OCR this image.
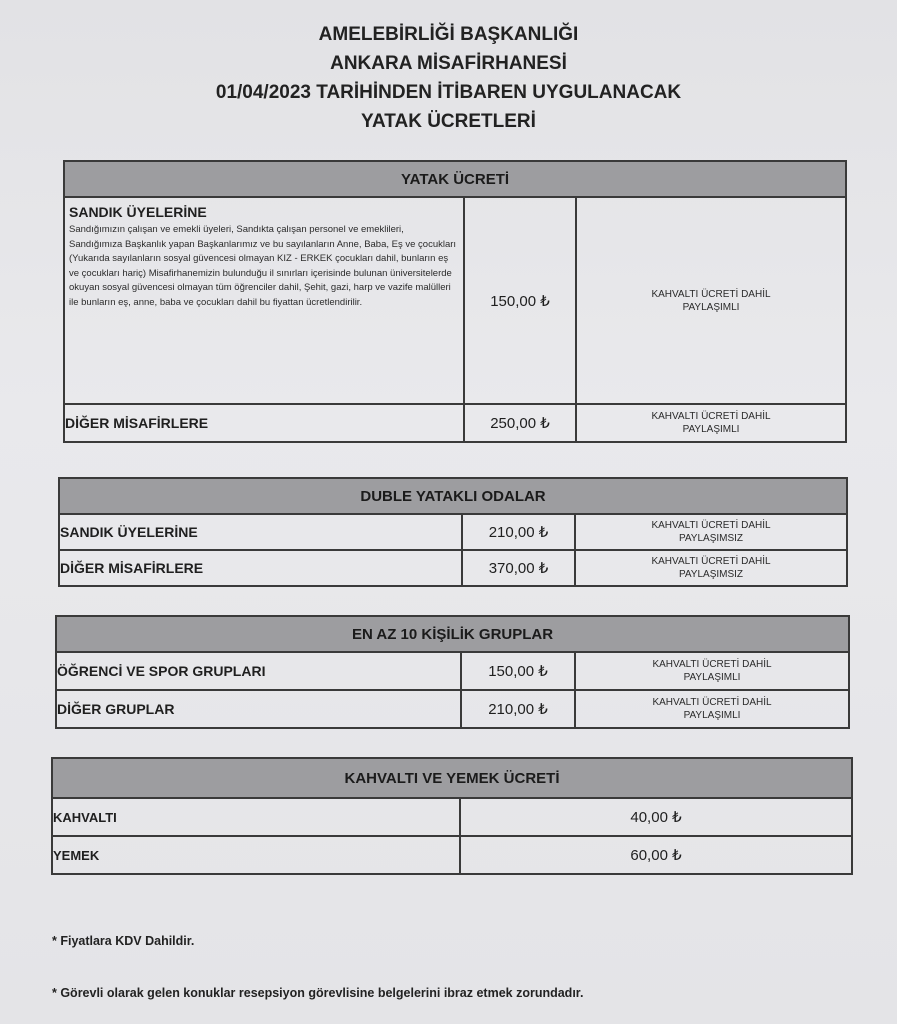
AMELEBİRLİĞİ BAŞKANLIĞI
ANKARA MİSAFİRHANESİ
01/04/2023 TARİHİNDEN İTİBAREN UYGULANACAK
YATAK ÜCRETLERİ
YATAK ÜCRETİ		

SANDIK ÜYELERİNE
Sandığımızın çalışan ve emekli üyeleri, Sandıkta çalışan personel ve emeklileri, Sandığımıza Başkanlık yapan Başkanlarımız ve bu sayılanların Anne, Baba, Eş ve çocukları (Yukarıda sayılanların sosyal güvencesi olmayan KIZ - ERKEK çocukları dahil, bunların eş ve çocukları hariç) Misafirhanemizin bulunduğu il sınırları içerisinde bulunan üniversitelerde okuyan sosyal güvencesi olmayan tüm öğrenciler dahil, Şehit, gazi, harp ve vazife malülleri ile bunların eş, anne, baba ve çocukları dahil bu fiyattan ücretlendirilir.	150,00 ₺	KAHVALTI ÜCRETİ DAHİL PAYLAŞIMLI
DİĞER MİSAFİRLERE	250,00 ₺	KAHVALTI ÜCRETİ DAHİL PAYLAŞIMLI
DUBLE YATAKLI ODALAR		
SANDIK ÜYELERİNE	210,00 ₺	KAHVALTI ÜCRETİ DAHİL PAYLAŞIMSIZ
DİĞER MİSAFİRLERE	370,00 ₺	KAHVALTI ÜCRETİ DAHİL PAYLAŞIMSIZ
EN AZ 10 KİŞİLİK GRUPLAR		
ÖĞRENCİ VE SPOR GRUPLARI	150,00 ₺	KAHVALTI ÜCRETİ DAHİL PAYLAŞIMLI
DİĞER GRUPLAR	210,00 ₺	KAHVALTI ÜCRETİ DAHİL PAYLAŞIMLI
KAHVALTI VE YEMEK ÜCRETİ	
KAHVALTI	40,00 ₺
YEMEK	60,00 ₺
* Fiyatlara KDV Dahildir.
* Görevli olarak gelen konuklar resepsiyon görevlisine belgelerini ibraz etmek zorundadır.
